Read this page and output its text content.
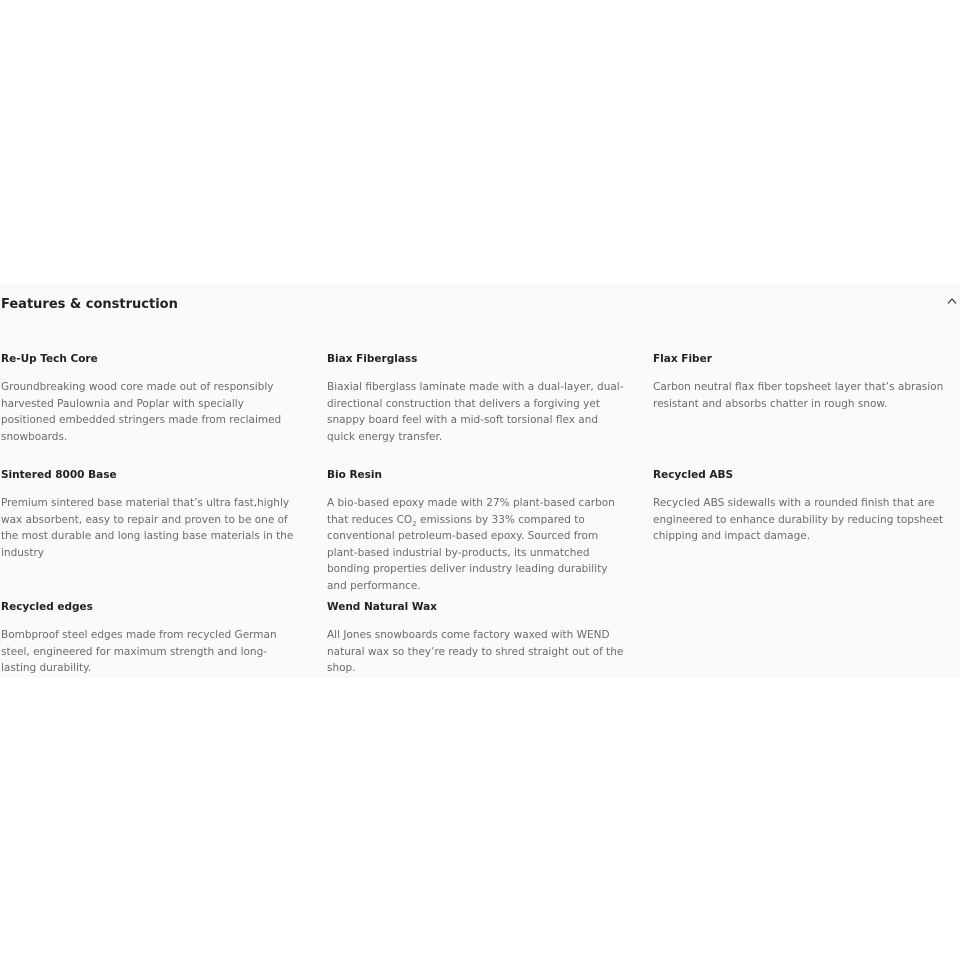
Features & construction

Re-Up Tech Core

Groundbreaking wood core made out of responsibly harvested Paulownia and Poplar with specially positioned embedded stringers made from reclaimed snowboards.

Biax Fiberglass

Biaxial fiberglass laminate made with a dual-layer, dual-directional construction that delivers a forgiving yet snappy board feel with a mid-soft torsional flex and quick energy transfer.

Flax Fiber

Carbon neutral flax fiber topsheet layer that’s abrasion resistant and absorbs chatter in rough snow.

Sintered 8000 Base

Premium sintered base material that’s ultra fast,highly wax absorbent, easy to repair and proven to be one of the most durable and long lasting base materials in the industry

Bio Resin

A bio-based epoxy made with 27% plant-based carbon that reduces $CO_2$ emissions by 33% compared to conventional petroleum-based epoxy. Sourced from plant-based industrial by-products, its unmatched bonding properties deliver industry leading durability and performance.

Recycled ABS

Recycled ABS sidewalls with a rounded finish that are engineered to enhance durability by reducing topsheet chipping and impact damage.

Recycled edges

Bombproof steel edges made from recycled German steel, engineered for maximum strength and long-lasting durability.

Wend Natural Wax

All Jones snowboards come factory waxed with WEND natural wax so they’re ready to shred straight out of the shop.
